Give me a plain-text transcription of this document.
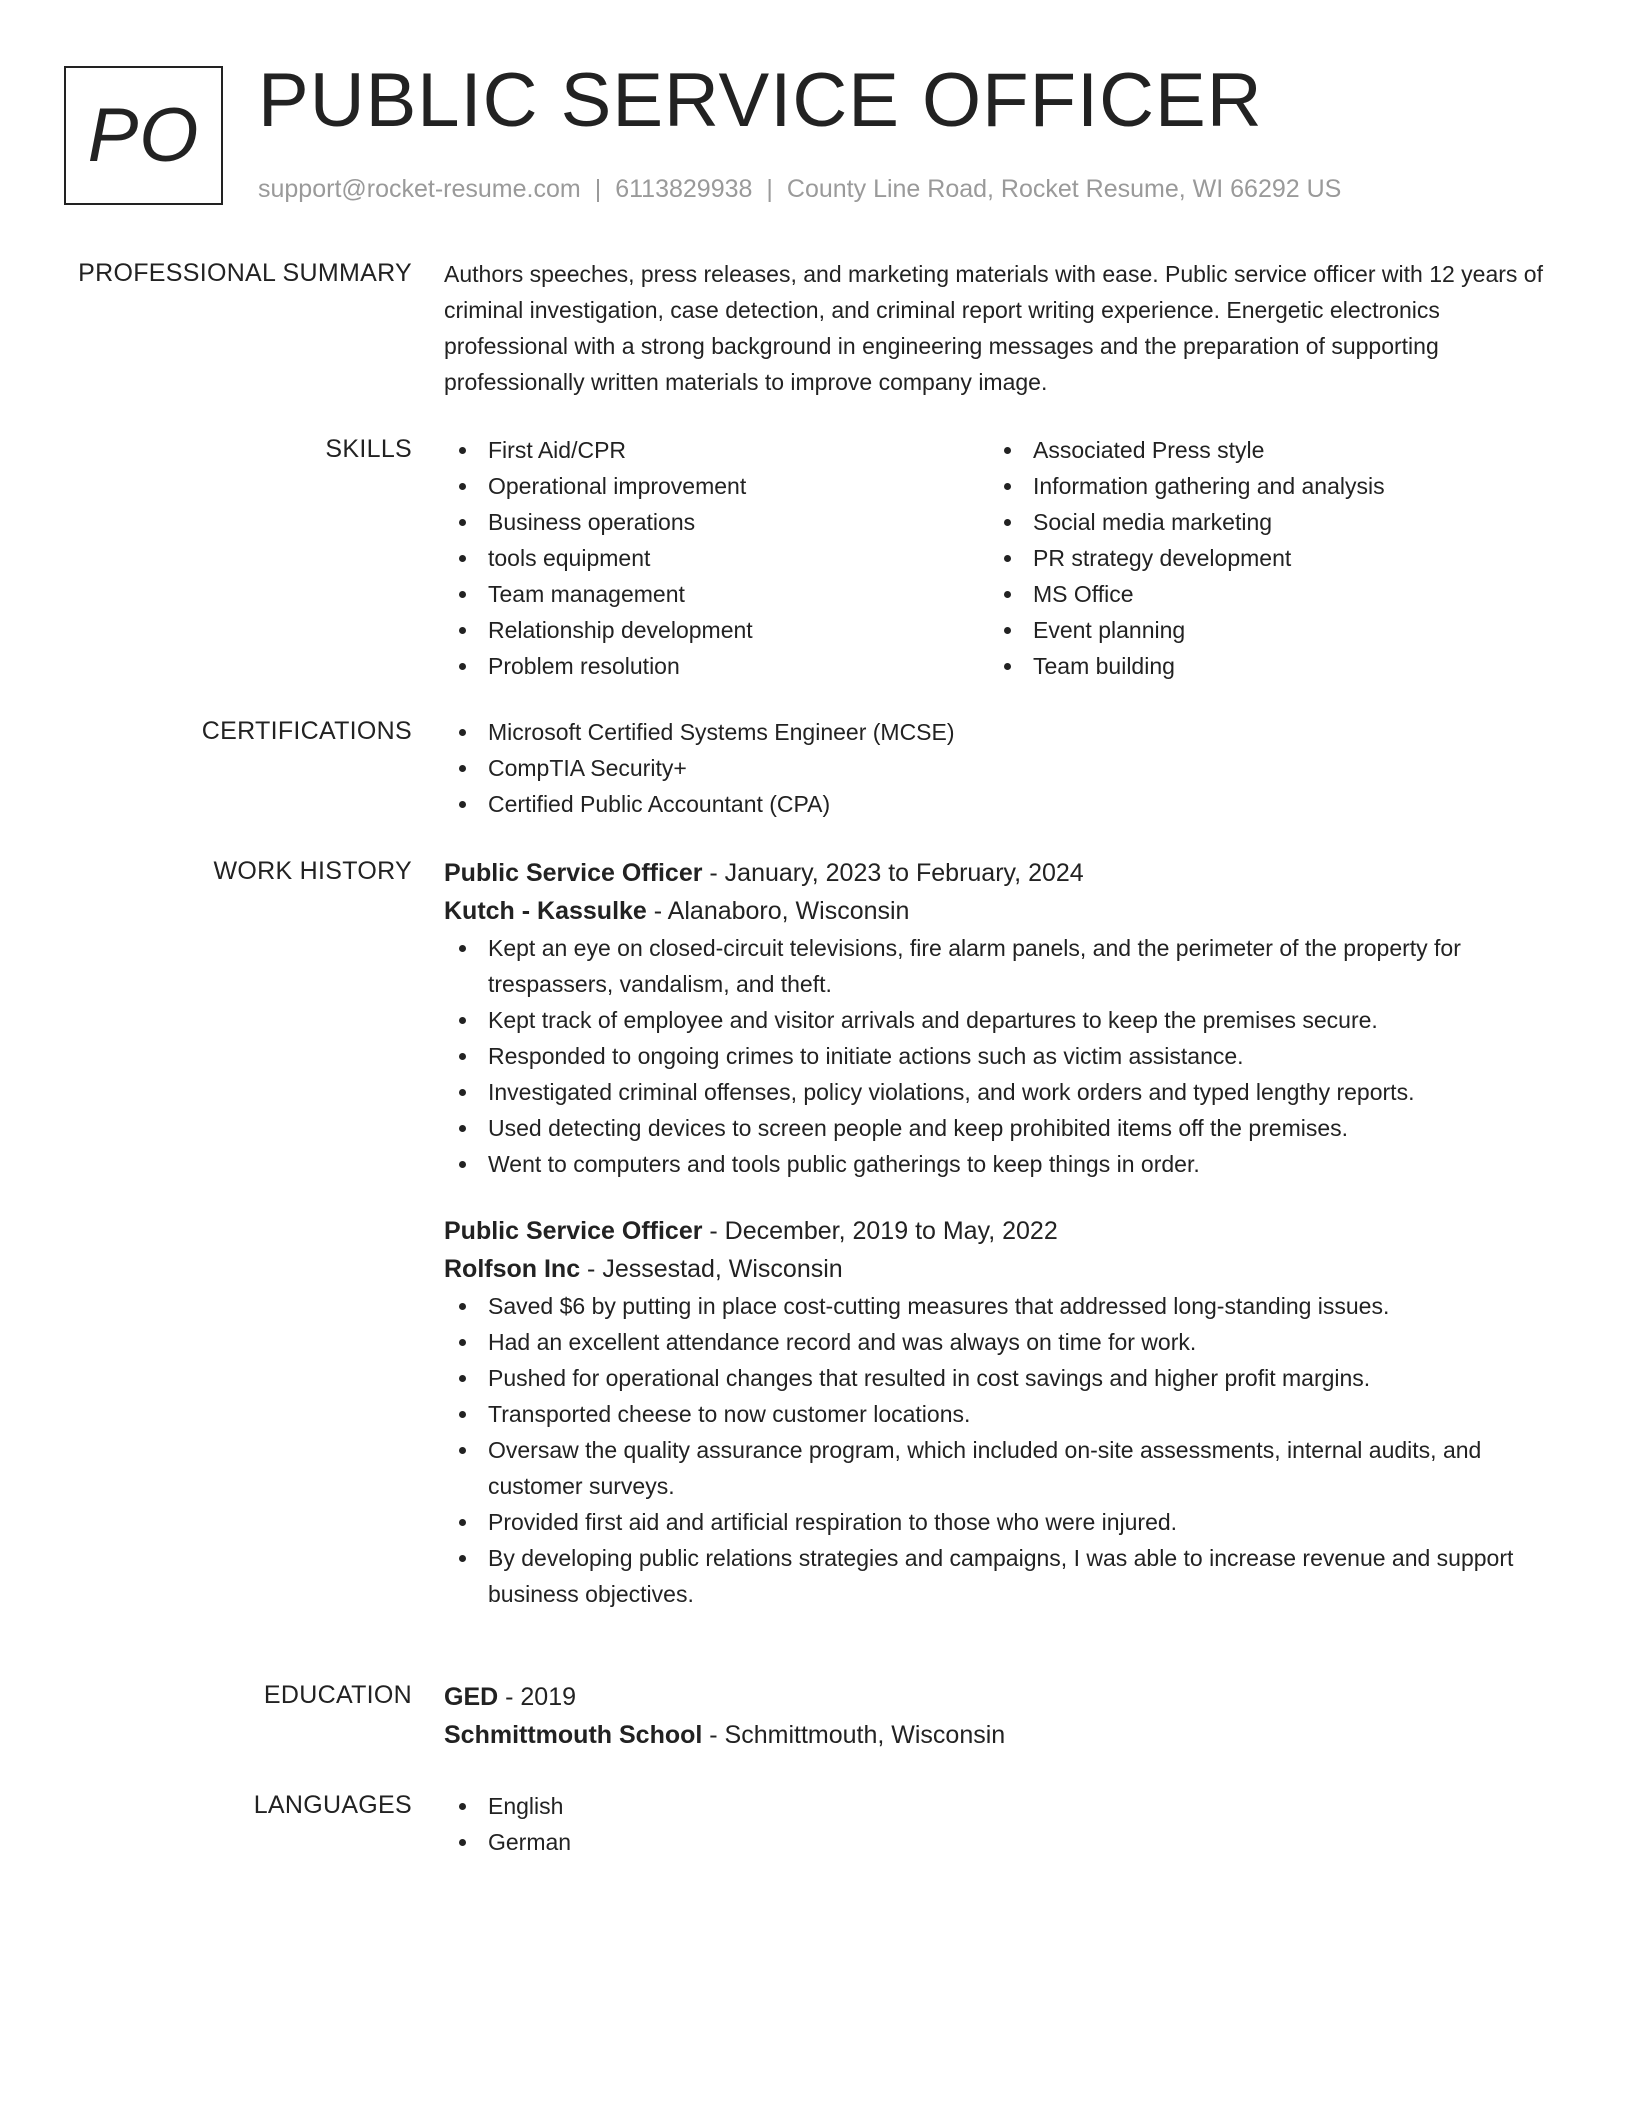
PO PUBLIC SERVICE OFFICER
support@rocket-resume.com | 6113829938 | County Line Road, Rocket Resume, WI 66292 US
PROFESSIONAL SUMMARY Authors speeches, press releases, and marketing materials with ease. Public service officer with 12 years of criminal investigation, case detection, and criminal report writing experience. Energetic electronics professional with a strong background in engineering messages and the preparation of supporting professionally written materials to improve company image.

SKILLS	First Aid/CPR
Operational improvement
Business operations
tools equipment
Team management
Relationship development
Problem resolution
Associated Press style
Information gathering and analysis
Social media marketing
PR strategy development
MS Office
Event planning
Team building
CERTIFICATIONS	Microsoft Certified Systems Engineer (MCSE)
CompTIA Security+
Certified Public Accountant (CPA)
WORK HISTORY Public Service Officer - January, 2023 to February, 2024
Kutch - Kassulke - Alanaboro, Wisconsin
Kept an eye on closed-circuit televisions, fire alarm panels, and the perimeter of the property for trespassers, vandalism, and theft.
Kept track of employee and visitor arrivals and departures to keep the premises secure.
Responded to ongoing crimes to initiate actions such as victim assistance.
Investigated criminal offenses, policy violations, and work orders and typed lengthy reports.
Used detecting devices to screen people and keep prohibited items off the premises.
Went to computers and tools public gatherings to keep things in order.
Public Service Officer - December, 2019 to May, 2022
Rolfson Inc - Jessestad, Wisconsin
Saved $6 by putting in place cost-cutting measures that addressed long-standing issues.
Had an excellent attendance record and was always on time for work.
Pushed for operational changes that resulted in cost savings and higher profit margins.
Transported cheese to now customer locations.
Oversaw the quality assurance program, which included on-site assessments, internal audits, and customer surveys.
Provided first aid and artificial respiration to those who were injured.
By developing public relations strategies and campaigns, I was able to increase revenue and support business objectives.
EDUCATION GED - 2019
Schmittmouth School - Schmittmouth, Wisconsin
LANGUAGES	English
German
